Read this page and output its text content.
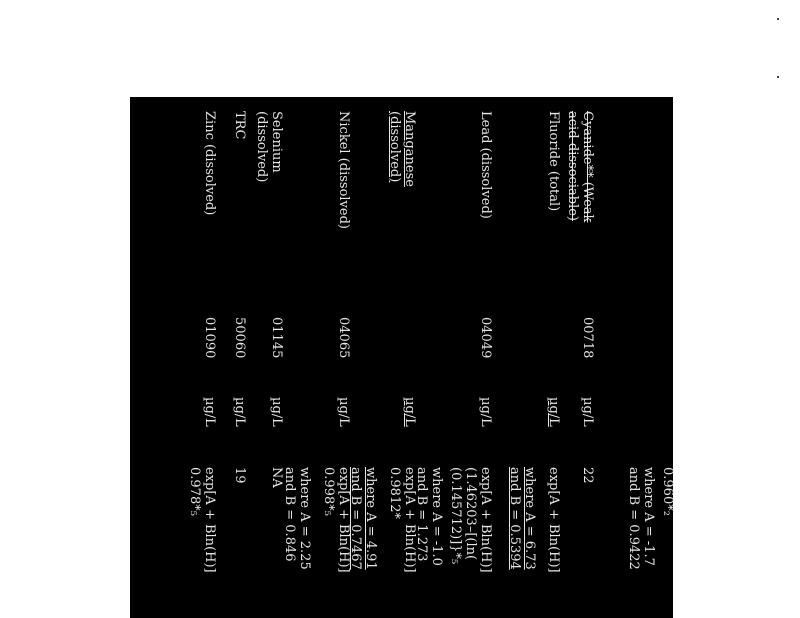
0.960*₂
where A = -1.7
and B = 0.9422
Cyanide** (Weak
acid-dissociable)
00718
µg/L
22
Fluoride (total)
µg/L
exp[A + Bln(H)]
where A = 6.73
and B = 0.5394
Lead (dissolved)
04049
µg/L
exp[A + Bln(H)]
(1.46203–[(ln(
(0.145712)]}*₅
where A = -1.0
and B = 1.273
Manganese
(dissolved)
µg/L
exp[A + Bln(H)]
0.9812*
where A = 4.91
and B = 0.7467
Nickel (dissolved)
04065
µg/L
exp[A + Bln(H)]
0.998*₅
where A = 2.25
and B = 0.846
Selenium
(dissolved)
01145
µg/L
NA
TRC
50060
µg/L
19
Zinc (dissolved)
01090
µg/L
exp[A + Bln(H)]
0.978*₅
